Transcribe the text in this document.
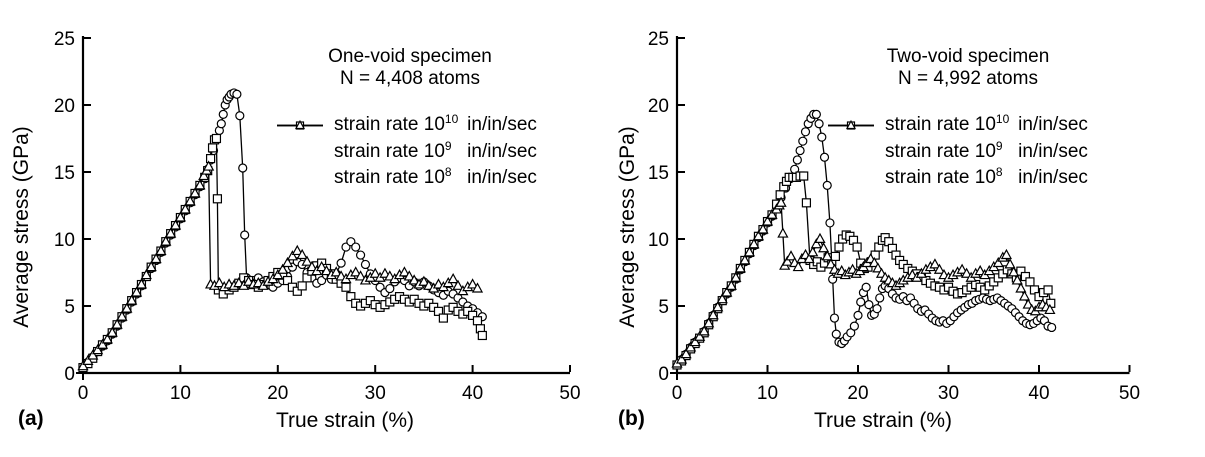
0	10	20	30	40	50
0
5
10
15
20
25
Average stress (GPa)
One-void specimen
N = 4,408 atoms
strain rate 1010 in/in/sec
strain rate 109 in/in/sec
strain rate 108 in/in/sec
True strain (%)
(a)
0	10	20	30	40	50
0
5
10
15
20
25
Average stress (GPa)
Two-void specimen
N = 4,992 atoms
strain rate 1010 in/in/sec
strain rate 109 in/in/sec
strain rate 108 in/in/sec
True strain (%)
(b)
